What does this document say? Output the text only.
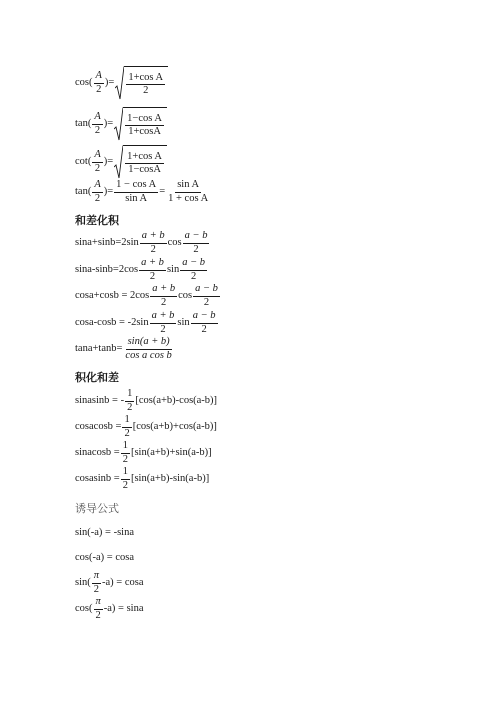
$\cos( \frac{A}{2}$ )= $\frac{\text{1+cos A}}{2}$
$\tan( \frac{A}{2}$ )= $\frac{\text{1−cos A}}{1+\cos A}$
$\cot( \frac{A}{2}$ )= $\frac{\text{1+cos A}}{1-\cos A}$
$\tan( \frac{A}{2}$ )= $\frac{\text{1 − cos A}}{\text{sin A}} = \frac{\text{sin A}}{\text{1 + cos A}}$
和差化积
$\sin a+\sin b=2\sin \frac{a + b}{2}$ $\cos \frac{a - b}{2}$
$\sin a-\sin b=2\cos \frac{a + b}{2}$ $\sin \frac{a - b}{2}$
$\cos a+\cos b = 2\cos \frac{a + b}{2}$ $\cos \frac{a - b}{2}$
$\cos a-\cos b = -2\sin \frac{a + b}{2}$ $\sin \frac{a - b}{2}$
$\tan a+\tan b= \frac{\sin(a + b)}{\text{cos a cos b}}$
积化和差
sinasinb = - $\frac{1}{2} [\cos(a+b)-\cos(a-b)]$
cosacosb = $\frac{1}{2} [\cos(a+b)+\cos(a-b)]$
sinacosb = $\frac{1}{2} [\sin(a+b)+\sin(a-b)]$
cosasinb = $\frac{1}{2} [\sin(a+b)-\sin(a-b)]$
诱导公式
sin(-a) = -sina
cos(-a) = cosa
$\sin( \frac{\pi}{2} -a) = \cos a$
$\cos( \frac{\pi}{2} -a) = \sin a$
